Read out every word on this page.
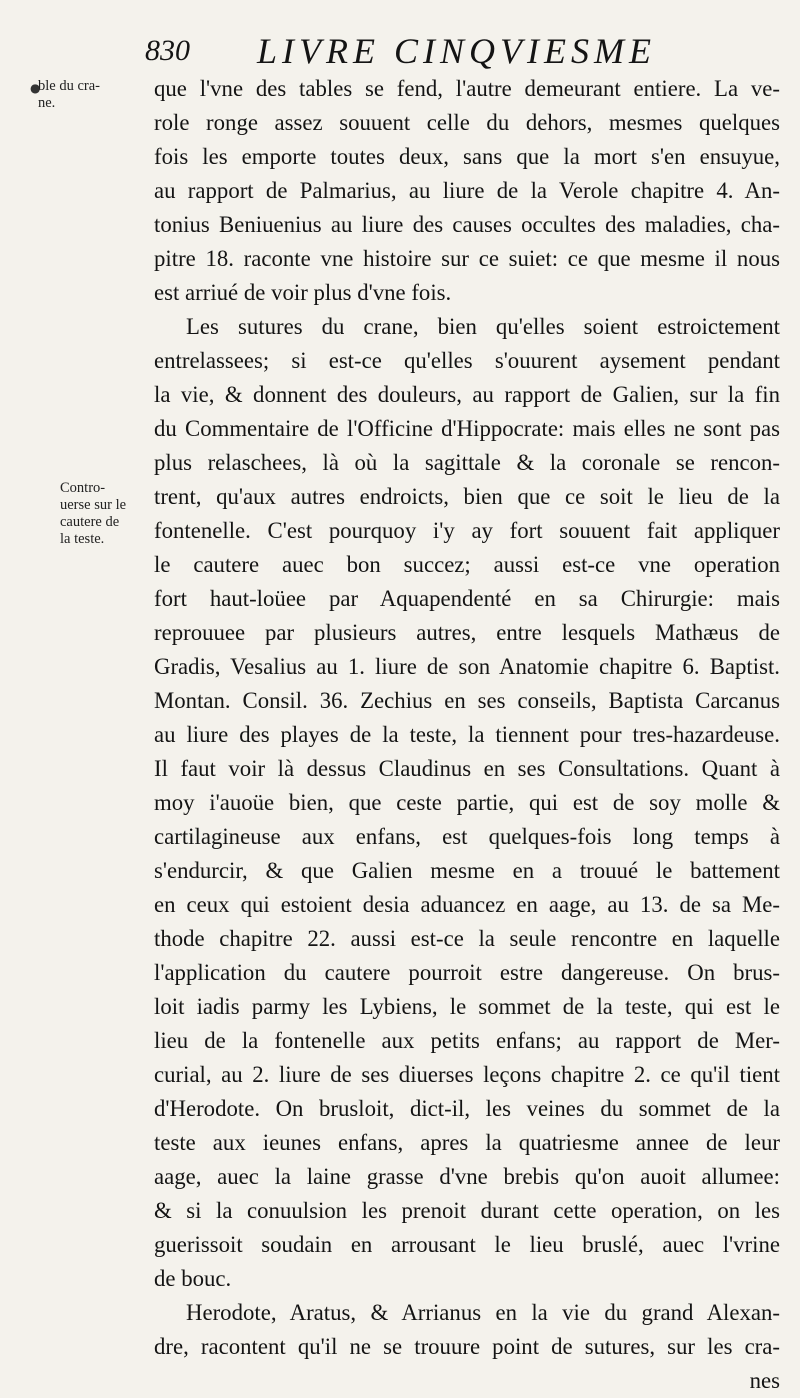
830 LIVRE CINQVIESME
●
ble du cra-
ne.
Contro-
uerse sur le
cautere de
la teste.
que l'vne des tables se fend, l'autre demeurant entiere. La ve-
role ronge assez souuent celle du dehors, mesmes quelques
fois les emporte toutes deux, sans que la mort s'en ensuyue,
au rapport de Palmarius, au liure de la Verole chapitre 4. An-
tonius Beniuenius au liure des causes occultes des maladies, cha-
pitre 18. raconte vne histoire sur ce suiet: ce que mesme il nous
est arriué de voir plus d'vne fois.
Les sutures du crane, bien qu'elles soient estroictement
entrelassees; si est-ce qu'elles s'ouurent aysement pendant
la vie, & donnent des douleurs, au rapport de Galien, sur la fin
du Commentaire de l'Officine d'Hippocrate: mais elles ne sont pas
plus relaschees, là où la sagittale & la coronale se rencon-
trent, qu'aux autres endroicts, bien que ce soit le lieu de la
fontenelle. C'est pourquoy i'y ay fort souuent fait appliquer
le cautere auec bon succez; aussi est-ce vne operation
fort haut-loüee par Aquapendenté en sa Chirurgie: mais
reprouuee par plusieurs autres, entre lesquels Mathæus de
Gradis, Vesalius au 1. liure de son Anatomie chapitre 6. Baptist.
Montan. Consil. 36. Zechius en ses conseils, Baptista Carcanus
au liure des playes de la teste, la tiennent pour tres-hazardeuse.
Il faut voir là dessus Claudinus en ses Consultations. Quant à
moy i'auoüe bien, que ceste partie, qui est de soy molle &
cartilagineuse aux enfans, est quelques-fois long temps à
s'endurcir, & que Galien mesme en a trouué le battement
en ceux qui estoient desia aduancez en aage, au 13. de sa Me-
thode chapitre 22. aussi est-ce la seule rencontre en laquelle
l'application du cautere pourroit estre dangereuse. On brus-
loit iadis parmy les Lybiens, le sommet de la teste, qui est le
lieu de la fontenelle aux petits enfans; au rapport de Mer-
curial, au 2. liure de ses diuerses leçons chapitre 2. ce qu'il tient
d'Herodote. On brusloit, dict-il, les veines du sommet de la
teste aux ieunes enfans, apres la quatriesme annee de leur
aage, auec la laine grasse d'vne brebis qu'on auoit allumee:
& si la conuulsion les prenoit durant cette operation, on les
guerissoit soudain en arrousant le lieu bruslé, auec l'vrine
de bouc.
Herodote, Aratus, & Arrianus en la vie du grand Alexan-
dre, racontent qu'il ne se trouure point de sutures, sur les cra-
nes
